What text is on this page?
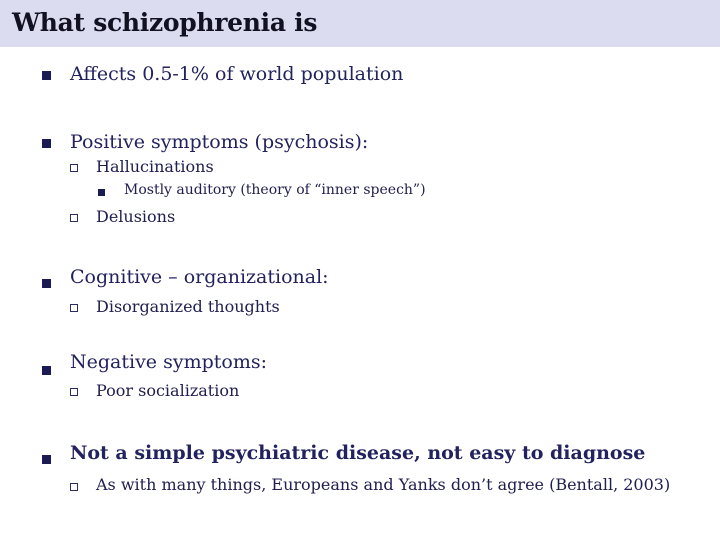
What schizophrenia is
Affects 0.5-1% of world population
Positive symptoms (psychosis):
Hallucinations
Mostly auditory (theory of “inner speech”)
Delusions
Cognitive – organizational:
Disorganized thoughts
Negative symptoms:
Poor socialization
Not a simple psychiatric disease, not easy to diagnose
As with many things, Europeans and Yanks don’t agree (Bentall, 2003)
